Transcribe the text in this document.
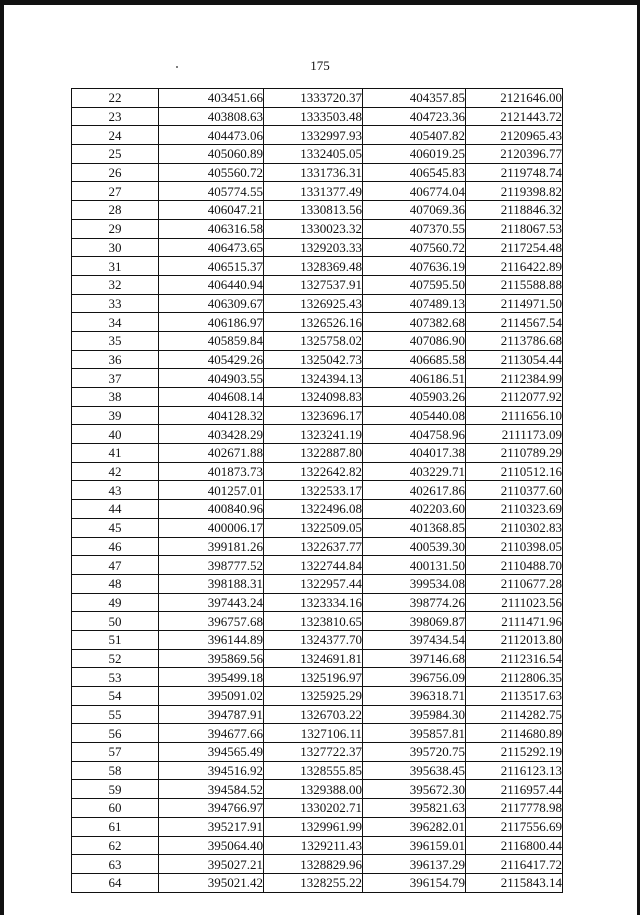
175
22	403451.66	1333720.37	404357.85	2121646.00
23	403808.63	1333503.48	404723.36	2121443.72
24	404473.06	1332997.93	405407.82	2120965.43
25	405060.89	1332405.05	406019.25	2120396.77
26	405560.72	1331736.31	406545.83	2119748.74
27	405774.55	1331377.49	406774.04	2119398.82
28	406047.21	1330813.56	407069.36	2118846.32
29	406316.58	1330023.32	407370.55	2118067.53
30	406473.65	1329203.33	407560.72	2117254.48
31	406515.37	1328369.48	407636.19	2116422.89
32	406440.94	1327537.91	407595.50	2115588.88
33	406309.67	1326925.43	407489.13	2114971.50
34	406186.97	1326526.16	407382.68	2114567.54
35	405859.84	1325758.02	407086.90	2113786.68
36	405429.26	1325042.73	406685.58	2113054.44
37	404903.55	1324394.13	406186.51	2112384.99
38	404608.14	1324098.83	405903.26	2112077.92
39	404128.32	1323696.17	405440.08	2111656.10
40	403428.29	1323241.19	404758.96	2111173.09
41	402671.88	1322887.80	404017.38	2110789.29
42	401873.73	1322642.82	403229.71	2110512.16
43	401257.01	1322533.17	402617.86	2110377.60
44	400840.96	1322496.08	402203.60	2110323.69
45	400006.17	1322509.05	401368.85	2110302.83
46	399181.26	1322637.77	400539.30	2110398.05
47	398777.52	1322744.84	400131.50	2110488.70
48	398188.31	1322957.44	399534.08	2110677.28
49	397443.24	1323334.16	398774.26	2111023.56
50	396757.68	1323810.65	398069.87	2111471.96
51	396144.89	1324377.70	397434.54	2112013.80
52	395869.56	1324691.81	397146.68	2112316.54
53	395499.18	1325196.97	396756.09	2112806.35
54	395091.02	1325925.29	396318.71	2113517.63
55	394787.91	1326703.22	395984.30	2114282.75
56	394677.66	1327106.11	395857.81	2114680.89
57	394565.49	1327722.37	395720.75	2115292.19
58	394516.92	1328555.85	395638.45	2116123.13
59	394584.52	1329388.00	395672.30	2116957.44
60	394766.97	1330202.71	395821.63	2117778.98
61	395217.91	1329961.99	396282.01	2117556.69
62	395064.40	1329211.43	396159.01	2116800.44
63	395027.21	1328829.96	396137.29	2116417.72
64	395021.42	1328255.22	396154.79	2115843.14
